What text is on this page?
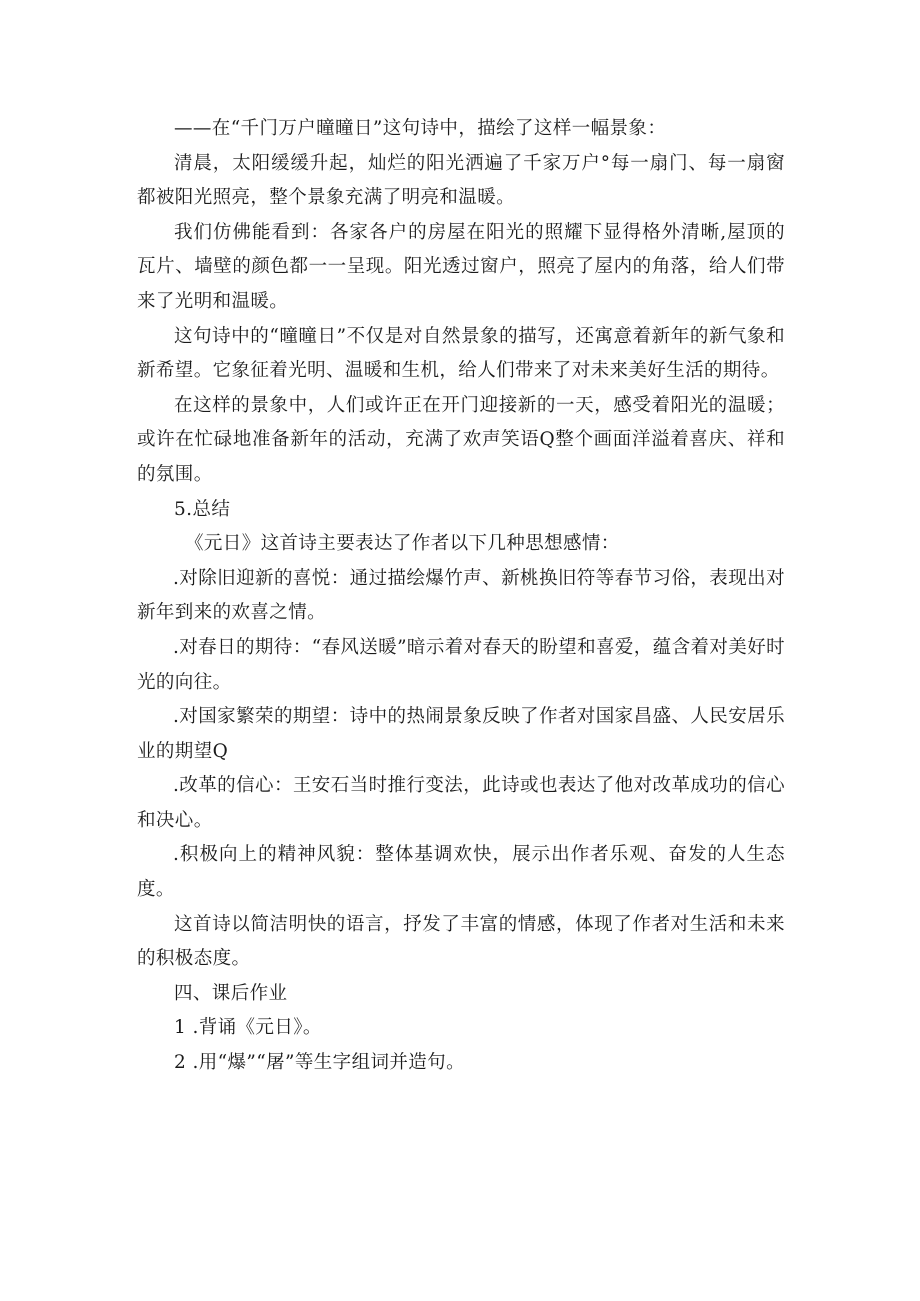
——在“千门万户曈曈日”这句诗中，描绘了这样一幅景象：

清晨，太阳缓缓升起，灿烂的阳光洒遍了千家万户°每一扇门、每一扇窗都被阳光照亮，整个景象充满了明亮和温暖。

我们仿佛能看到：各家各户的房屋在阳光的照耀下显得格外清晰,屋顶的瓦片、墙壁的颜色都一一呈现。阳光透过窗户，照亮了屋内的角落，给人们带来了光明和温暖。

这句诗中的“曈曈日”不仅是对自然景象的描写，还寓意着新年的新气象和新希望。它象征着光明、温暖和生机，给人们带来了对未来美好生活的期待。

在这样的景象中，人们或许正在开门迎接新的一天，感受着阳光的温暖；或许在忙碌地准备新年的活动，充满了欢声笑语Q整个画面洋溢着喜庆、祥和的氛围。

5.总结

《元日》这首诗主要表达了作者以下几种思想感情：

.对除旧迎新的喜悦：通过描绘爆竹声、新桃换旧符等春节习俗，表现出对新年到来的欢喜之情。

.对春日的期待：“春风送暖”暗示着对春天的盼望和喜爱，蕴含着对美好时光的向往。

.对国家繁荣的期望：诗中的热闹景象反映了作者对国家昌盛、人民安居乐业的期望Q

.改革的信心：王安石当时推行变法，此诗或也表达了他对改革成功的信心和决心。

.积极向上的精神风貌：整体基调欢快，展示出作者乐观、奋发的人生态度。

这首诗以简洁明快的语言，抒发了丰富的情感，体现了作者对生活和未来的积极态度。

四、课后作业

1 .背诵《元日》。

2 .用“爆”“屠”等生字组词并造句。
